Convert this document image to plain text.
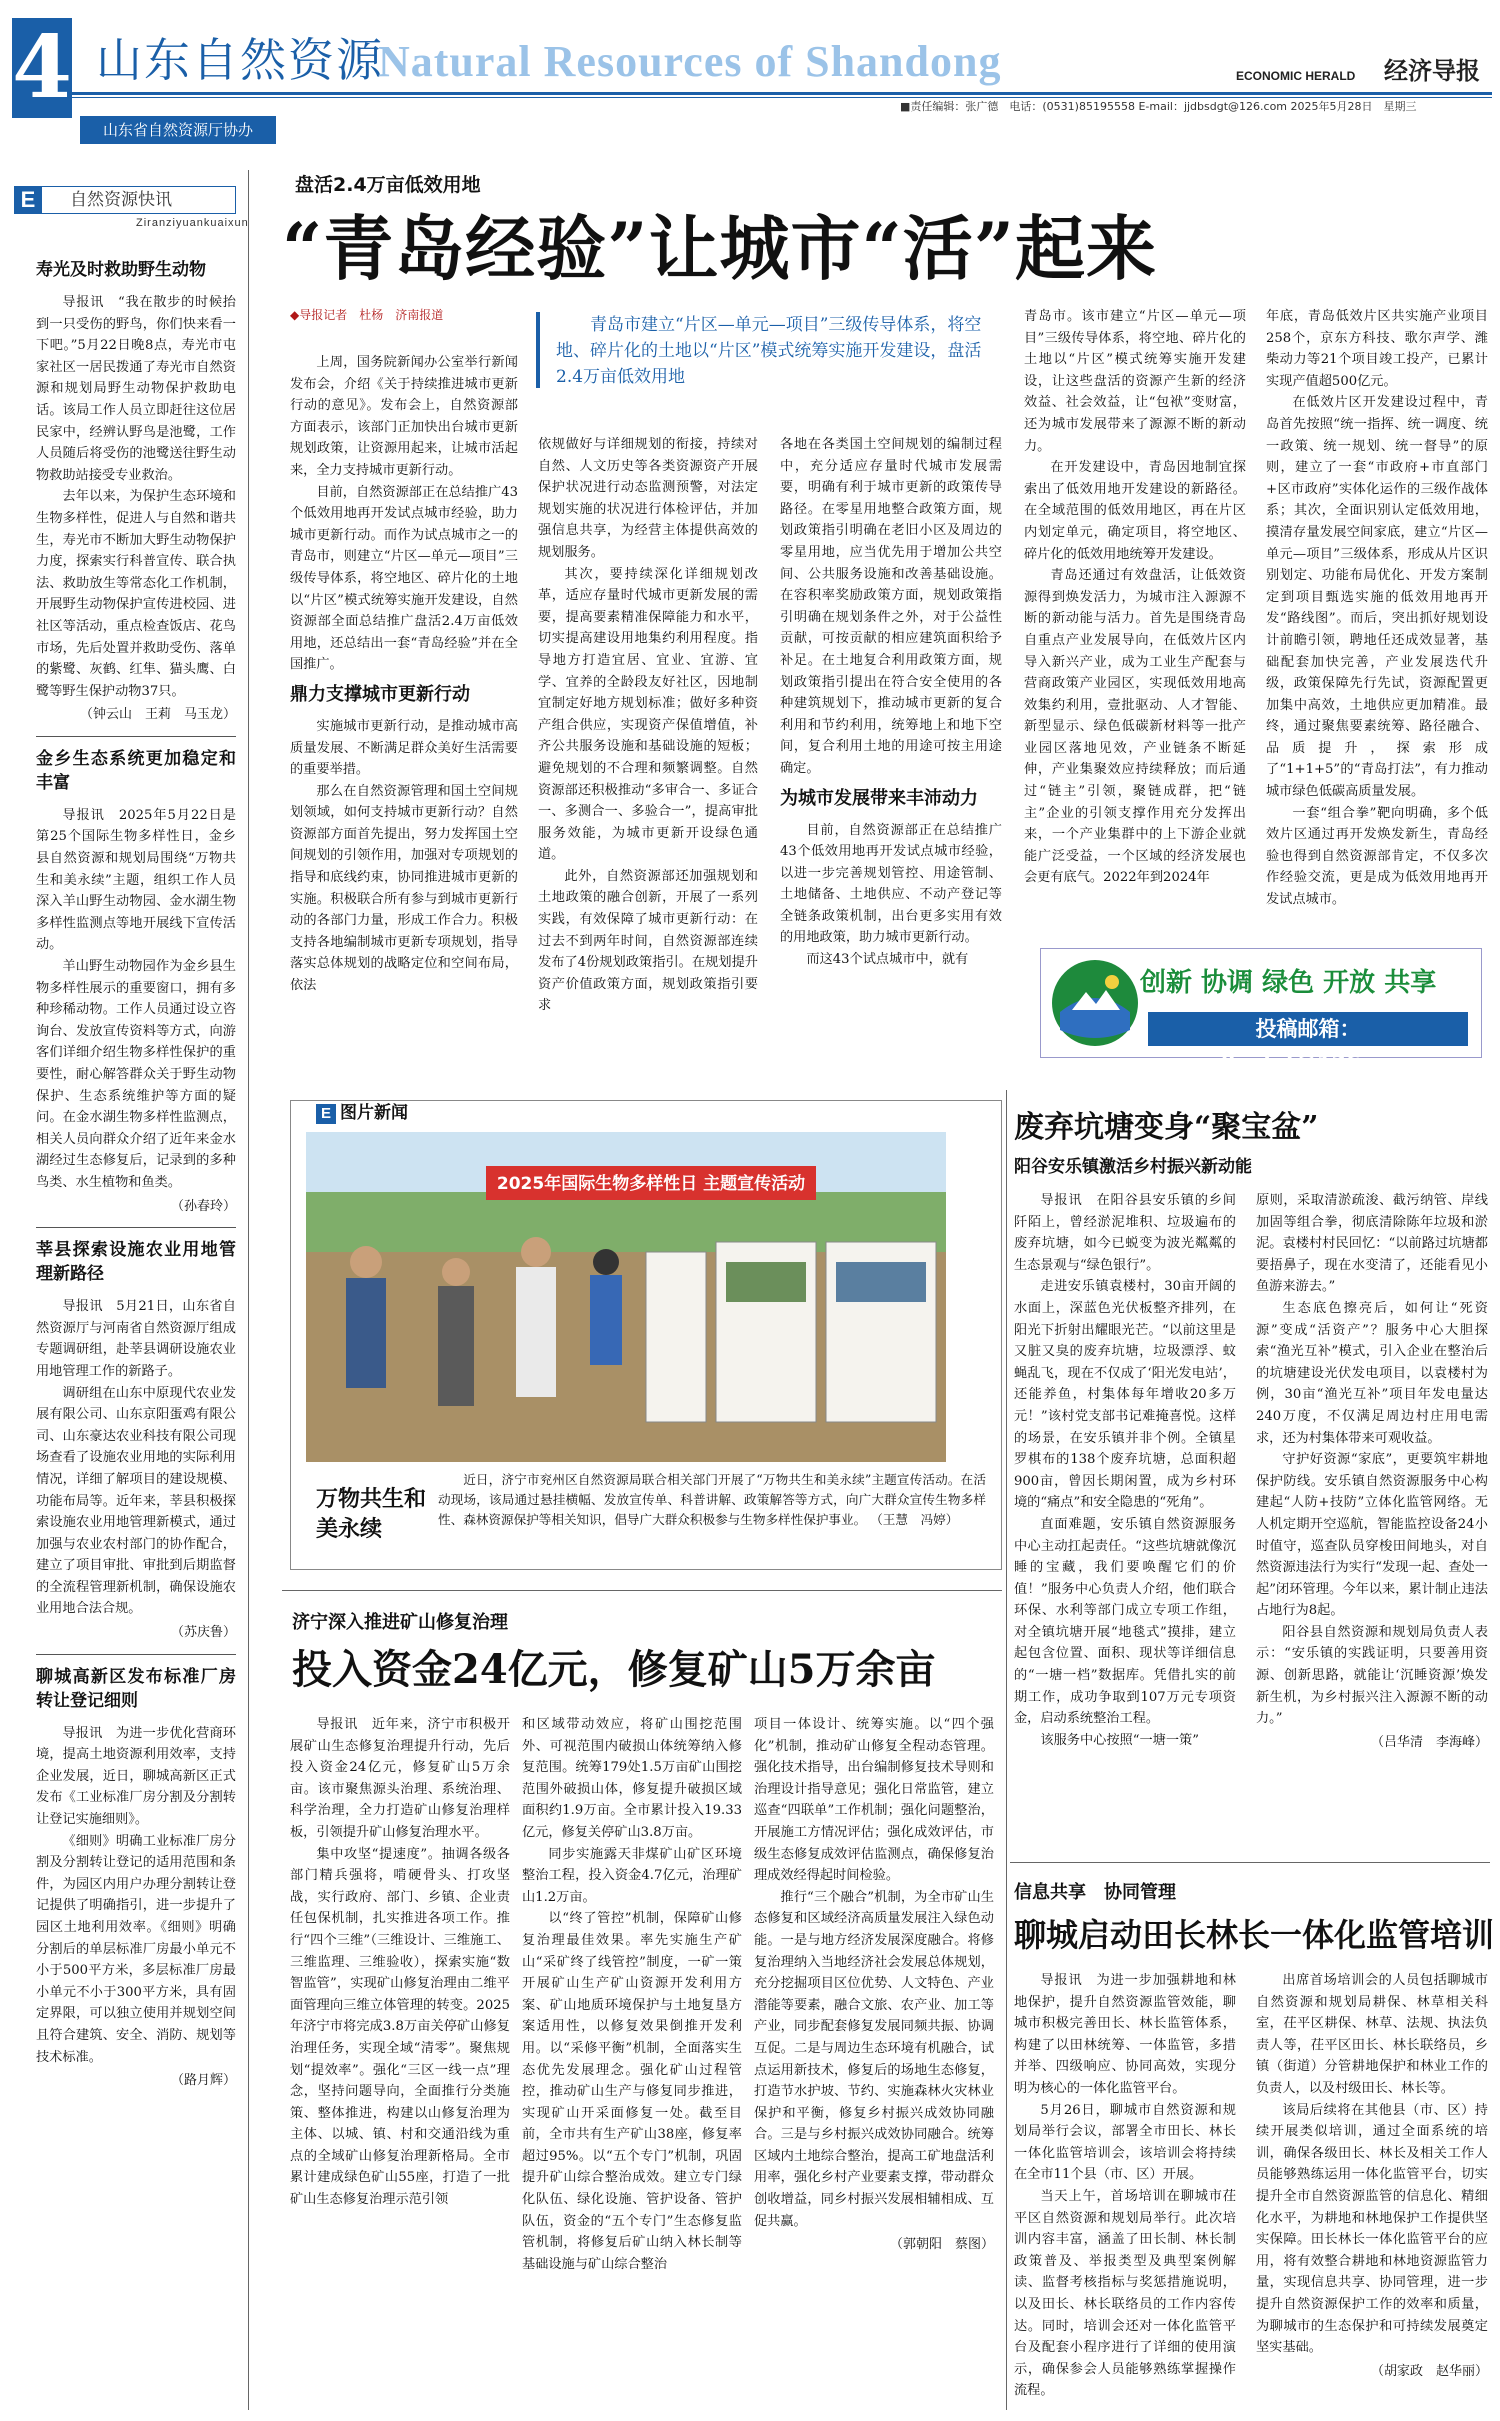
4 山东自然资源
Natural Resources of Shandong	ECONOMIC HERALD 经济导报
山东省自然资源厅协办
■责任编辑：张广德　电话：(0531)85195558 E-mail：jjdbsdgt@126.com 2025年5月28日　星期三
E	自然资源快讯
Ziranziyuankuaixun
寿光及时救助野生动物

导报讯　“我在散步的时候抬到一只受伤的野鸟，你们快来看一下吧。”5月22日晚8点，寿光市屯家社区一居民拨通了寿光市自然资源和规划局野生动物保护救助电话。该局工作人员立即赶往这位居民家中，经辨认野鸟是池鹭，工作人员随后将受伤的池鹭送往野生动物救助站接受专业救治。

去年以来，为保护生态环境和生物多样性，促进人与自然和谐共生，寿光市不断加大野生动物保护力度，探索实行科普宣传、联合执法、救助放生等常态化工作机制，开展野生动物保护宣传进校园、进社区等活动，重点检查饭店、花鸟市场，先后处置并救助受伤、落单的紫鹭、灰鹤、红隼、猫头鹰、白鹭等野生保护动物37只。

（钟云山　王莉　马玉龙）
金乡生态系统更加稳定和丰富

导报讯　2025年5月22日是第25个国际生物多样性日，金乡县自然资源和规划局围绕“万物共生和美永续”主题，组织工作人员深入羊山野生动物园、金水湖生物多样性监测点等地开展线下宣传活动。

羊山野生动物园作为金乡县生物多样性展示的重要窗口，拥有多种珍稀动物。工作人员通过设立咨询台、发放宣传资料等方式，向游客们详细介绍生物多样性保护的重要性，耐心解答群众关于野生动物保护、生态系统维护等方面的疑问。在金水湖生物多样性监测点，相关人员向群众介绍了近年来金水湖经过生态修复后，记录到的多种鸟类、水生植物和鱼类。

（孙春玲）
莘县探索设施农业用地管理新路径

导报讯　5月21日，山东省自然资源厅与河南省自然资源厅组成专题调研组，赴莘县调研设施农业用地管理工作的新路子。

调研组在山东中原现代农业发展有限公司、山东京阳蛋鸡有限公司、山东豪达农业科技有限公司现场查看了设施农业用地的实际利用情况，详细了解项目的建设规模、功能布局等。近年来，莘县积极探索设施农业用地管理新模式，通过加强与农业农村部门的协作配合，建立了项目审批、审批到后期监督的全流程管理新机制，确保设施农业用地合法合规。

（苏庆鲁）
聊城高新区发布标准厂房转让登记细则

导报讯　为进一步优化营商环境，提高土地资源利用效率，支持企业发展，近日，聊城高新区正式发布《工业标准厂房分割及分割转让登记实施细则》。

《细则》明确工业标准厂房分割及分割转让登记的适用范围和条件，为园区内用户办理分割转让登记提供了明确指引，进一步提升了园区土地利用效率。《细则》明确分割后的单层标准厂房最小单元不小于500平方米，多层标准厂房最小单元不小于300平方米，具有固定界限，可以独立使用并规划空间且符合建筑、安全、消防、规划等技术标准。

（路月辉）
盘活2.4万亩低效用地
“青岛经验”让城市“活”起来
◆导报记者　杜杨　济南报道	青岛市建立“片区—单元—项目”三级传导体系，将空地、碎片化的土地以“片区”模式统筹实施开发建设，盘活2.4万亩低效用地

上周，国务院新闻办公室举行新闻发布会，介绍《关于持续推进城市更新行动的意见》。发布会上，自然资源部方面表示，该部门正加快出台城市更新规划政策，让资源用起来，让城市活起来，全力支持城市更新行动。

目前，自然资源部正在总结推广43个低效用地再开发试点城市经验，助力城市更新行动。而作为试点城市之一的青岛市，则建立“片区—单元—项目”三级传导体系，将空地区、碎片化的土地以“片区”模式统筹实施开发建设，自然资源部全面总结推广盘活2.4万亩低效用地，还总结出一套“青岛经验”并在全国推广。

鼎力支撑城市更新行动

实施城市更新行动，是推动城市高质量发展、不断满足群众美好生活需要的重要举措。

那么在自然资源管理和国土空间规划领域，如何支持城市更新行动？自然资源部方面首先提出，努力发挥国土空间规划的引领作用，加强对专项规划的指导和底线约束，协同推进城市更新的实施。积极联合所有参与到城市更新行动的各部门力量，形成工作合力。积极支持各地编制城市更新专项规划，指导落实总体规划的战略定位和空间布局，依法

依规做好与详细规划的衔接，持续对自然、人文历史等各类资源资产开展保护状况进行动态监测预警，对法定规划实施的状况进行体检评估，并加强信息共享，为经营主体提供高效的规划服务。

其次，要持续深化详细规划改革，适应存量时代城市更新发展的需要，提高要素精准保障能力和水平，切实提高建设用地集约利用程度。指导地方打造宜居、宜业、宜游、宜学、宜养的全龄段友好社区，因地制宜制定好地方规划标准；做好多种资产组合供应，实现资产保值增值，补齐公共服务设施和基础设施的短板；避免规划的不合理和频繁调整。自然资源部还积极推动“多审合一、多证合一、多测合一、多验合一”，提高审批服务效能，为城市更新开设绿色通道。

此外，自然资源部还加强规划和土地政策的融合创新，开展了一系列实践，有效保障了城市更新行动：在过去不到两年时间，自然资源部连续发布了4份规划政策指引。在规划提升资产价值政策方面，规划政策指引要求

各地在各类国土空间规划的编制过程中，充分适应存量时代城市发展需要，明确有利于城市更新的政策传导路径。在零星用地整合政策方面，规划政策指引明确在老旧小区及周边的零星用地，应当优先用于增加公共空间、公共服务设施和改善基础设施。在容积率奖励政策方面，规划政策指引明确在规划条件之外，对于公益性贡献，可按贡献的相应建筑面积给予补足。在土地复合利用政策方面，规划政策指引提出在符合安全使用的各种建筑规划下，推动城市更新的复合利用和节约利用，统筹地上和地下空间，复合利用土地的用途可按主用途确定。

为城市发展带来丰沛动力

目前，自然资源部正在总结推广43个低效用地再开发试点城市经验，以进一步完善规划管控、用途管制、土地储备、土地供应、不动产登记等全链条政策机制，出台更多实用有效的用地政策，助力城市更新行动。

而这43个试点城市中，就有

青岛市。该市建立“片区—单元—项目”三级传导体系，将空地、碎片化的土地以“片区”模式统筹实施开发建设，让这些盘活的资源产生新的经济效益、社会效益，让“包袱”变财富，还为城市发展带来了源源不断的新动力。

在开发建设中，青岛因地制宜探索出了低效用地开发建设的新路径。在全域范围的低效用地区，再在片区内划定单元，确定项目，将空地区、碎片化的低效用地统筹开发建设。

青岛还通过有效盘活，让低效资源得到焕发活力，为城市注入源源不断的新动能与活力。首先是围绕青岛自重点产业发展导向，在低效片区内导入新兴产业，成为工业生产配套与营商政策产业园区，实现低效用地高效集约利用，壹批驱动、人才智能、新型显示、绿色低碳新材料等一批产业园区落地见效，产业链条不断延伸，产业集聚效应持续释放；而后通过“链主”引领，聚链成群，把“链主”企业的引领支撑作用充分发挥出来，一个产业集群中的上下游企业就能广泛受益，一个区域的经济发展也会更有底气。2022年到2024年

年底，青岛低效片区共实施产业项目258个，京东方科技、歌尔声学、潍柴动力等21个项目竣工投产，已累计实现产值超500亿元。

在低效片区开发建设过程中，青岛首先按照“统一指挥、统一调度、统一政策、统一规划、统一督导”的原则，建立了一套“市政府+市直部门+区市政府”实体化运作的三级作战体系；其次，全面识别认定低效用地，摸清存量发展空间家底，建立“片区—单元—项目”三级体系，形成从片区识别划定、功能布局优化、开发方案制定到项目甄选实施的低效用地再开发“路线图”。而后，突出抓好规划设计前瞻引领，聘地任还成效显著，基础配套加快完善，产业发展迭代升级，政策保障先行先试，资源配置更加集中高效，土地供应更加精准。最终，通过聚焦要素统筹、路径融合、品质提升，探索形成了“1+1+5”的“青岛打法”，有力推动城市绿色低碳高质量发展。

一套“组合拳”靶向明确，多个低效片区通过再开发焕发新生，青岛经验也得到自然资源部肯定，不仅多次作经验交流，更是成为低效用地再开发试点城市。

创新 协调 绿色 开放 共享
投稿邮箱：jjdbsdgt@126.com
E 图片新闻
2025年国际生物多样性日 主题宣传活动
万物共生和美永续
近日，济宁市兖州区自然资源局联合相关部门开展了“万物共生和美永续”主题宣传活动。在活动现场，该局通过悬挂横幅、发放宣传单、科普讲解、政策解答等方式，向广大群众宣传生物多样性、森林资源保护等相关知识，倡导广大群众积极参与生物多样性保护事业。 （王慧　冯婷）
济宁深入推进矿山修复治理
投入资金24亿元，修复矿山5万余亩

导报讯　近年来，济宁市积极开展矿山生态修复治理提升行动，先后投入资金24亿元，修复矿山5万余亩。该市聚焦源头治理、系统治理、科学治理，全力打造矿山修复治理样板，引领提升矿山修复治理水平。

集中攻坚“提速度”。抽调各级各部门精兵强将，啃硬骨头、打攻坚战，实行政府、部门、乡镇、企业责任包保机制，扎实推进各项工作。推行“四个三维”（三维设计、三维施工、三维监理、三维验收），探索实施“数智监管”，实现矿山修复治理由二维平面管理向三维立体管理的转变。2025年济宁市将完成3.8万亩关停矿山修复治理任务，实现全域“清零”。聚焦规划“提效率”。强化“三区一线一点”理念，坚持问题导向，全面推行分类施策、整体推进，构建以山修复治理为主体、以城、镇、村和交通沿线为重点的全域矿山修复治理新格局。全市累计建成绿色矿山55座，打造了一批矿山生态修复治理示范引领

和区域带动效应，将矿山围挖范围外、可视范围内破损山体统筹纳入修复范围。统筹179处1.5万亩矿山围挖范围外破损山体，修复提升破损区域面积约1.9万亩。全市累计投入19.33亿元，修复关停矿山3.8万亩。

同步实施露天非煤矿山矿区环境整治工程，投入资金4.7亿元，治理矿山1.2万亩。

以“终了管控”机制，保障矿山修复治理最佳效果。率先实施生产矿山“采矿终了线管控”制度，一矿一策开展矿山生产矿山资源开发利用方案、矿山地质环境保护与土地复垦方案适用性，以修复效果倒推开发利用。以“采修平衡”机制，全面落实生态优先发展理念。强化矿山过程管控，推动矿山生产与修复同步推进，实现矿山开采面修复一处。截至目前，全市共有生产矿山38座，修复率超过95%。以“五个专门”机制，巩固提升矿山综合整治成效。建立专门绿化队伍、绿化设施、管护设备、管护队伍，资金的“五个专门”生态修复监管机制，将修复后矿山纳入林长制等基础设施与矿山综合整治

项目一体设计、统筹实施。以“四个强化”机制，推动矿山修复全程动态管理。强化技术指导，出台编制修复技术导则和治理设计指导意见；强化日常监管，建立巡查“四联单”工作机制；强化问题整治，开展施工方情况评估；强化成效评估，市级生态修复成效评估监测点，确保修复治理成效经得起时间检验。

推行“三个融合”机制，为全市矿山生态修复和区域经济高质量发展注入绿色动能。一是与地方经济发展深度融合。将修复治理纳入当地经济社会发展总体规划，充分挖掘项目区位优势、人文特色、产业潜能等要素，融合文旅、农产业、加工等产业，同步配套修复发展同频共振、协调互促。二是与周边生态环境有机融合，试点运用新技术，修复后的场地生态修复，打造节水护坡、节约、实施森林火灾林业保护和平衡，修复乡村振兴成效协同融合。三是与乡村振兴成效协同融合。统筹区域内土地综合整治，提高工矿地盘活利用率，强化乡村产业要素支撑，带动群众创收增益，同乡村振兴发展相辅相成、互促共赢。

（郭朝阳　蔡图）
废弃坑塘变身“聚宝盆”
阳谷安乐镇激活乡村振兴新动能

导报讯　在阳谷县安乐镇的乡间阡陌上，曾经淤泥堆积、垃圾遍布的废弃坑塘，如今已蜕变为波光粼粼的生态景观与“绿色银行”。

走进安乐镇袁楼村，30亩开阔的水面上，深蓝色光伏板整齐排列，在阳光下折射出耀眼光芒。“以前这里是又脏又臭的废弃坑塘，垃圾漂浮、蚊蝇乱飞，现在不仅成了‘阳光发电站’，还能养鱼，村集体每年增收20多万元！”该村党支部书记难掩喜悦。这样的场景，在安乐镇并非个例。全镇星罗棋布的138个废弃坑塘，总面积超900亩，曾因长期闲置，成为乡村环境的“痛点”和安全隐患的“死角”。

直面难题，安乐镇自然资源服务中心主动扛起责任。“这些坑塘就像沉睡的宝藏，我们要唤醒它们的价值！”服务中心负责人介绍，他们联合环保、水利等部门成立专项工作组，对全镇坑塘开展“地毯式”摸排，建立起包含位置、面积、现状等详细信息的“一塘一档”数据库。凭借扎实的前期工作，成功争取到107万元专项资金，启动系统整治工程。

该服务中心按照“一塘一策”

原则，采取清淤疏浚、截污纳管、岸线加固等组合拳，彻底清除陈年垃圾和淤泥。袁楼村村民回忆：“以前路过坑塘都要捂鼻子，现在水变清了，还能看见小鱼游来游去。”

生态底色擦亮后，如何让“死资源”变成“活资产”？服务中心大胆探索“渔光互补”模式，引入企业在整治后的坑塘建设光伏发电项目，以袁楼村为例，30亩“渔光互补”项目年发电量达240万度，不仅满足周边村庄用电需求，还为村集体带来可观收益。

守护好资源“家底”，更要筑牢耕地保护防线。安乐镇自然资源服务中心构建起“人防+技防”立体化监管网络。无人机定期开空巡航，智能监控设备24小时值守，巡查队员穿梭田间地头，对自然资源违法行为实行“发现一起、查处一起”闭环管理。今年以来，累计制止违法占地行为8起。

阳谷县自然资源和规划局负责人表示：“安乐镇的实践证明，只要善用资源、创新思路，就能让‘沉睡资源’焕发新生机，为乡村振兴注入源源不断的动力。”

（吕华清　李海峰）
信息共享　协同管理
聊城启动田长林长一体化监管培训

导报讯　为进一步加强耕地和林地保护，提升自然资源监管效能，聊城市积极完善田长、林长监管体系，构建了以田林统筹、一体监管，多措并举、四级响应、协同高效，实现分明为核心的一体化监管平台。

5月26日，聊城市自然资源和规划局举行会议，部署全市田长、林长一体化监管培训会，该培训会将持续在全市11个县（市、区）开展。

当天上午，首场培训在聊城市茌平区自然资源和规划局举行。此次培训内容丰富，涵盖了田长制、林长制政策普及、举报类型及典型案例解读、监督考核指标与奖惩措施说明，以及田长、林长联络员的工作内容传达。同时，培训会还对一体化监管平台及配套小程序进行了详细的使用演示，确保参会人员能够熟练掌握操作流程。

出席首场培训会的人员包括聊城市自然资源和规划局耕保、林草相关科室，茌平区耕保、林草、法规、执法负责人等，茌平区田长、林长联络员，乡镇（街道）分管耕地保护和林业工作的负责人，以及村级田长、林长等。

该局后续将在其他县（市、区）持续开展类似培训，通过全面系统的培训，确保各级田长、林长及相关工作人员能够熟练运用一体化监管平台，切实提升全市自然资源监管的信息化、精细化水平，为耕地和林地保护工作提供坚实保障。田长林长一体化监管平台的应用，将有效整合耕地和林地资源监管力量，实现信息共享、协同管理，进一步提升自然资源保护工作的效率和质量，为聊城市的生态保护和可持续发展奠定坚实基础。

（胡家政　赵华丽）
